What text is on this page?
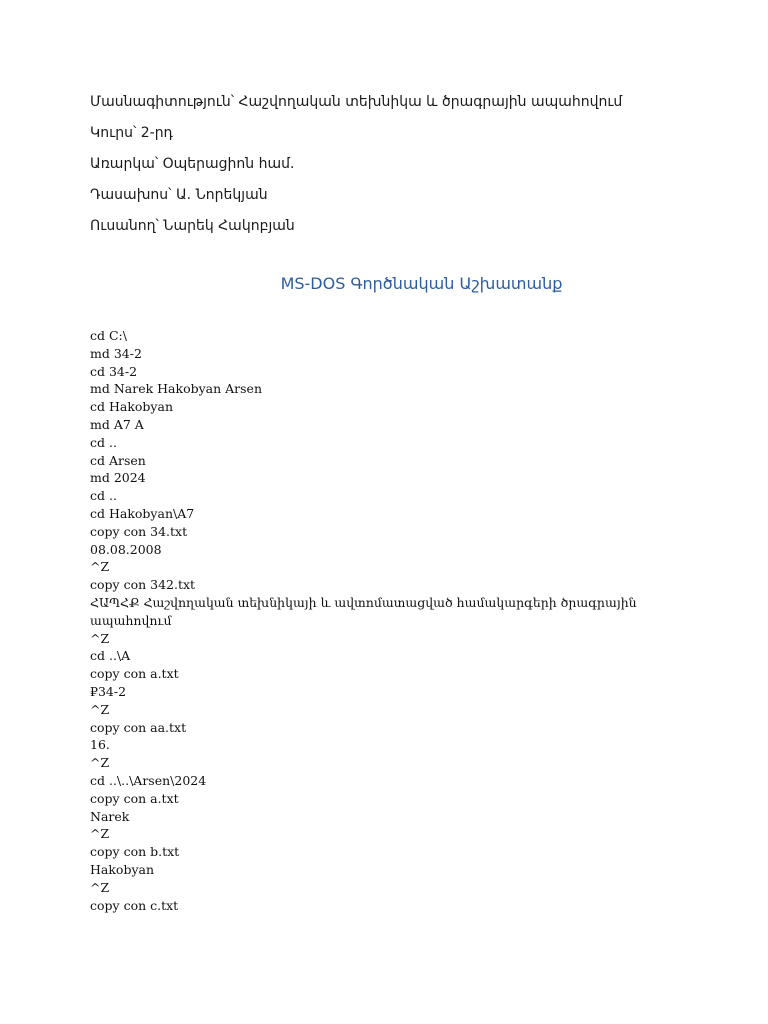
Մասնագիտություն՝ Հաշվողական տեխնիկա և ծրագրային ապահովում
Կուրս՝ 2-րդ
Առարկա՝ Օպերացիոն համ.
Դասախոս՝ Ա. Նորեկյան
Ուսանող՝ Նարեկ Հակոբյան
MS-DOS Գործնական Աշխատանք
cd C:\
md 34-2
cd 34-2
md Narek Hakobyan Arsen
cd Hakobyan
md A7 A
cd ..
cd Arsen
md 2024
cd ..
cd Hakobyan\A7
copy con 34.txt
08.08.2008
^Z
copy con 342.txt
ՀԱՊՀՔ Հաշվողական տեխնիկայի և ավտոմատացված համակարգերի ծրագրային ապահովում
^Z
cd ..\A
copy con a.txt
₽34-2
^Z
copy con aa.txt
16.
^Z
cd ..\..\Arsen\2024
copy con a.txt
Narek
^Z
copy con b.txt
Hakobyan
^Z
copy con c.txt
